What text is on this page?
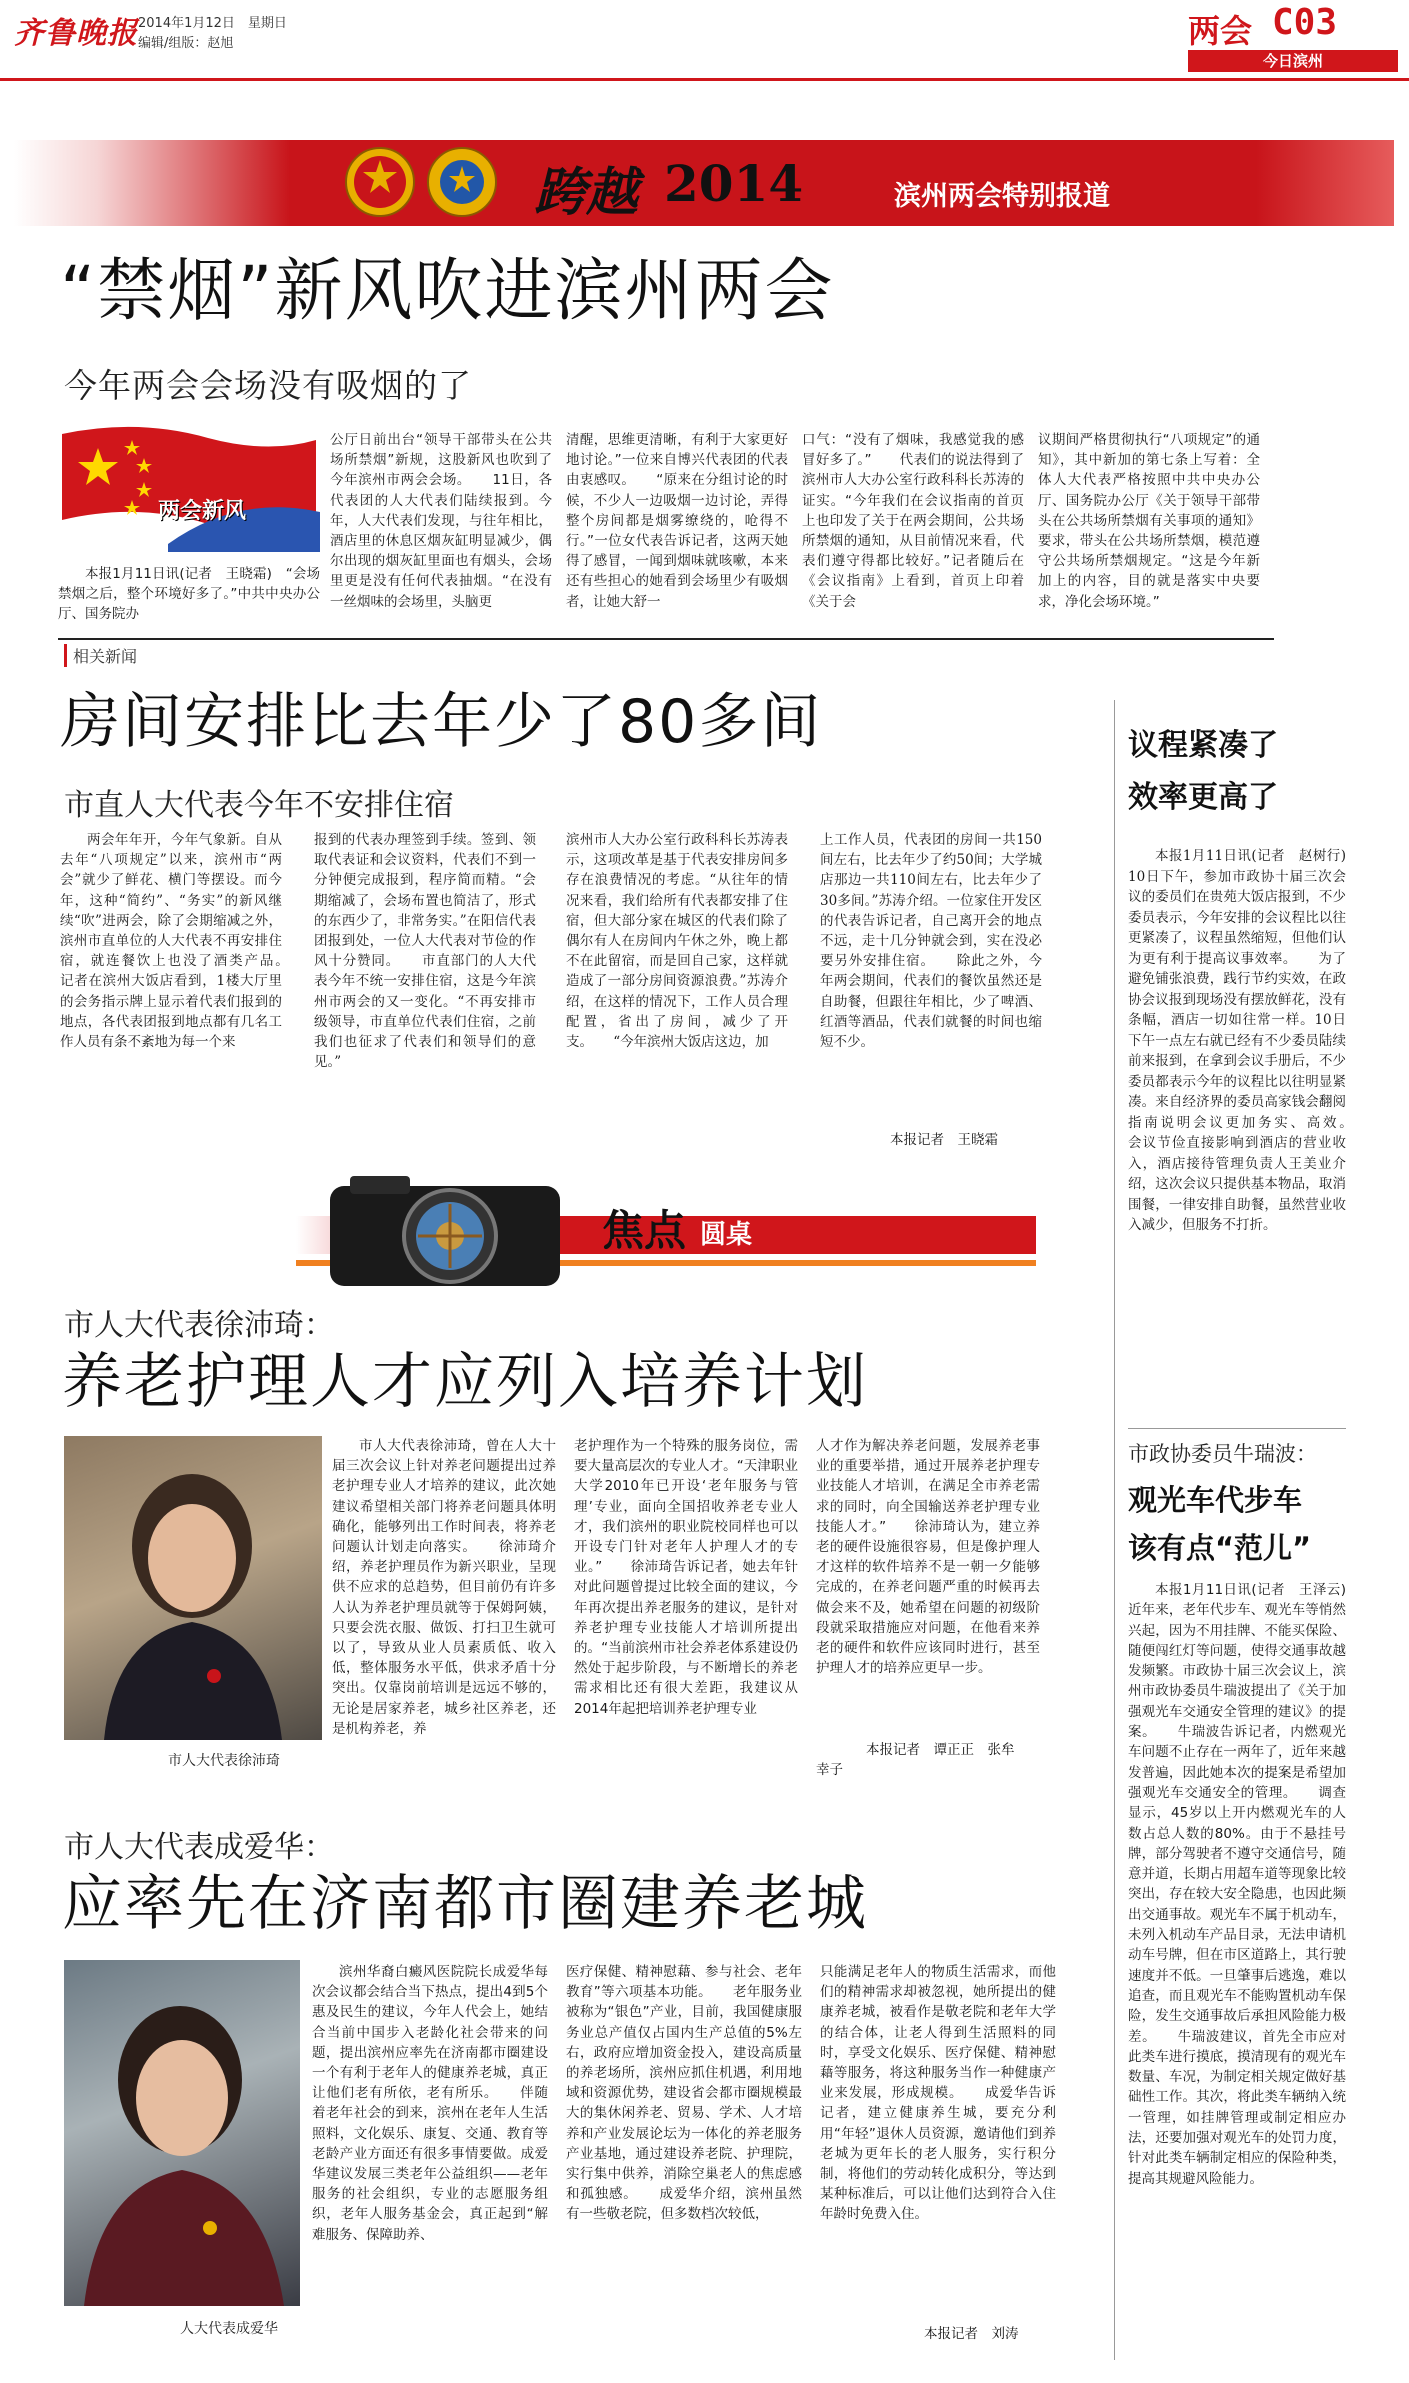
齐鲁晚报 2014年1月12日　星期日
编辑/组版：赵旭	两会 C03
今日滨州
跨越 2014	滨州两会特别报道
“禁烟”新风吹进滨州两会
今年两会会场没有吸烟的了
两会新风

本报1月11日讯(记者　王晓霜)　“会场禁烟之后，整个环境好多了。”中共中央办公厅、国务院办

公厅日前出台“领导干部带头在公共场所禁烟”新规，这股新风也吹到了今年滨州市两会会场。　　11日，各代表团的人大代表们陆续报到。今年，人大代表们发现，与往年相比，酒店里的休息区烟灰缸明显减少，偶尔出现的烟灰缸里面也有烟头，会场里更是没有任何代表抽烟。“在没有一丝烟味的会场里，头脑更

清醒，思维更清晰，有利于大家更好地讨论。”一位来自博兴代表团的代表由衷感叹。　　“原来在分组讨论的时候，不少人一边吸烟一边讨论，弄得整个房间都是烟雾缭绕的，呛得不行。”一位女代表告诉记者，这两天她得了感冒，一闻到烟味就咳嗽，本来还有些担心的她看到会场里少有吸烟者，让她大舒一

口气：“没有了烟味，我感觉我的感冒好多了。”　　代表们的说法得到了滨州市人大办公室行政科科长苏涛的证实。“今年我们在会议指南的首页上也印发了关于在两会期间，公共场所禁烟的通知，从目前情况来看，代表们遵守得都比较好。”记者随后在《会议指南》上看到，首页上印着《关于会

议期间严格贯彻执行“八项规定”的通知》，其中新加的第七条上写着：全体人大代表严格按照中共中央办公厅、国务院办公厅《关于领导干部带头在公共场所禁烟有关事项的通知》要求，带头在公共场所禁烟，模范遵守公共场所禁烟规定。“这是今年新加上的内容，目的就是落实中央要求，净化会场环境。”

相关新闻
房间安排比去年少了80多间
市直人大代表今年不安排住宿

两会年年开，今年气象新。自从去年“八项规定”以来，滨州市“两会”就少了鲜花、横门等摆设。而今年，这种“简约”、“务实”的新风继续“吹”进两会，除了会期缩减之外，滨州市直单位的人大代表不再安排住宿，就连餐饮上也没了酒类产品。　　记者在滨州大饭店看到，1楼大厅里的会务指示牌上显示着代表们报到的地点，各代表团报到地点都有几名工作人员有条不紊地为每一个来

报到的代表办理签到手续。签到、领取代表证和会议资料，代表们不到一分钟便完成报到，程序简而精。“会期缩减了，会场布置也简洁了，形式的东西少了，非常务实。”在阳信代表团报到处，一位人大代表对节俭的作风十分赞同。　　市直部门的人大代表今年不统一安排住宿，这是今年滨州市两会的又一变化。“不再安排市级领导，市直单位代表们住宿，之前我们也征求了代表们和领导们的意见。”

滨州市人大办公室行政科科长苏涛表示，这项改革是基于代表安排房间多存在浪费情况的考虑。“从往年的情况来看，我们给所有代表都安排了住宿，但大部分家在城区的代表们除了偶尔有人在房间内午休之外，晚上都不在此留宿，而是回自己家，这样就造成了一部分房间资源浪费。”苏涛介绍，在这样的情况下，工作人员合理配置，省出了房间，减少了开支。　　“今年滨州大饭店这边，加

上工作人员，代表团的房间一共150间左右，比去年少了约50间；大学城店那边一共110间左右，比去年少了30多间。”苏涛介绍。一位家住开发区的代表告诉记者，自己离开会的地点不远，走十几分钟就会到，实在没必要另外安排住宿。　　除此之外，今年两会期间，代表们的餐饮虽然还是自助餐，但跟往年相比，少了啤酒、红酒等酒品，代表们就餐的时间也缩短不少。

本报记者　王晓霜
议程紧凑了
效率更高了

本报1月11日讯(记者　赵树行)　10日下午，参加市政协十届三次会议的委员们在贵苑大饭店报到，不少委员表示，今年安排的会议程比以往更紧凑了，议程虽然缩短，但他们认为更有利于提高议事效率。　　为了避免铺张浪费，践行节约实效，在政协会议报到现场没有摆放鲜花，没有条幅，酒店一切如往常一样。10日下午一点左右就已经有不少委员陆续前来报到，在拿到会议手册后，不少委员都表示今年的议程比以往明显紧凑。来自经济界的委员高家钱会翻阅指南说明会议更加务实、高效。　　会议节俭直接影响到酒店的营业收入，酒店接待管理负责人王美业介绍，这次会议只提供基本物品，取消围餐，一律安排自助餐，虽然营业收入减少，但服务不打折。

焦点 圆桌
市人大代表徐沛琦：
养老护理人才应列入培养计划
市人大代表徐沛琦

市人大代表徐沛琦，曾在人大十届三次会议上针对养老问题提出过养老护理专业人才培养的建议，此次她建议希望相关部门将养老问题具体明确化，能够列出工作时间表，将养老问题认计划走向落实。　　徐沛琦介绍，养老护理员作为新兴职业，呈现供不应求的总趋势，但目前仍有许多人认为养老护理员就等于保姆阿姨，只要会洗衣服、做饭、打扫卫生就可以了，导致从业人员素质低、收入低，整体服务水平低，供求矛盾十分突出。仅靠岗前培训是远远不够的，无论是居家养老，城乡社区养老，还是机构养老，养

老护理作为一个特殊的服务岗位，需要大量高层次的专业人才。“天津职业大学2010年已开设‘老年服务与管理’专业，面向全国招收养老专业人才，我们滨州的职业院校同样也可以开设专门针对老年人护理人才的专业。”　　徐沛琦告诉记者，她去年针对此问题曾提过比较全面的建议，今年再次提出养老服务的建议，是针对养老护理专业技能人才培训所提出的。“当前滨州市社会养老体系建设仍然处于起步阶段，与不断增长的养老需求相比还有很大差距，我建议从2014年起把培训养老护理专业

人才作为解决养老问题，发展养老事业的重要举措，通过开展养老护理专业技能人才培训，在满足全市养老需求的同时，向全国输送养老护理专业技能人才。”　　徐沛琦认为，建立养老的硬件设施很容易，但是像护理人才这样的软件培养不是一朝一夕能够完成的，在养老问题严重的时候再去做会来不及，她希望在问题的初级阶段就采取措施应对问题，在他看来养老的硬件和软件应该同时进行，甚至护理人才的培养应更早一步。

本报记者　谭正正　张牟
幸子
市政协委员牛瑞波：
观光车代步车
该有点“范儿”

本报1月11日讯(记者　王泽云)　近年来，老年代步车、观光车等悄然兴起，因为不用挂牌、不能买保险、随便闯红灯等问题，使得交通事故越发频繁。市政协十届三次会议上，滨州市政协委员牛瑞波提出了《关于加强观光车交通安全管理的建议》的提案。　　牛瑞波告诉记者，内燃观光车问题不止存在一两年了，近年来越发普遍，因此她本次的提案是希望加强观光车交通安全的管理。　　调查显示，45岁以上开内燃观光车的人数占总人数的80%。由于不悬挂号牌，部分驾驶者不遵守交通信号，随意并道，长期占用超车道等现象比较突出，存在较大安全隐患，也因此频出交通事故。观光车不属于机动车，未列入机动车产品目录，无法申请机动车号牌，但在市区道路上，其行驶速度并不低。一旦肇事后逃逸，难以追查，而且观光车不能购置机动车保险，发生交通事故后承担风险能力极差。　　牛瑞波建议，首先全市应对此类车进行摸底，摸清现有的观光车数量、车况，为制定相关规定做好基础性工作。其次，将此类车辆纳入统一管理，如挂牌管理或制定相应办法，还要加强对观光车的处罚力度，针对此类车辆制定相应的保险种类，提高其规避风险能力。

市人大代表成爱华：
应率先在济南都市圈建养老城
人大代表成爱华

滨州华裔白癜风医院院长成爱华每次会议都会结合当下热点，提出4到5个惠及民生的建议，今年人代会上，她结合当前中国步入老龄化社会带来的问题，提出滨州应率先在济南都市圈建设一个有利于老年人的健康养老城，真正让他们老有所依，老有所乐。　　伴随着老年社会的到来，滨州在老年人生活照料，文化娱乐、康复、交通、教育等老龄产业方面还有很多事情要做。成爱华建议发展三类老年公益组织——老年服务的社会组织，专业的志愿服务组织，老年人服务基金会，真正起到“解难服务、保障助养、

医疗保健、精神慰藉、参与社会、老年教育”等六项基本功能。　　老年服务业被称为“银色”产业，目前，我国健康服务业总产值仅占国内生产总值的5%左右，政府应增加资金投入，建设高质量的养老场所，滨州应抓住机遇，利用地域和资源优势，建设省会都市圈规模最大的集休闲养老、贸易、学术、人才培养和产业发展论坛为一体化的养老服务产业基地，通过建设养老院、护理院，实行集中供养，消除空巢老人的焦虑感和孤独感。　　成爱华介绍，滨州虽然有一些敬老院，但多数档次较低，

只能满足老年人的物质生活需求，而他们的精神需求却被忽视，她所提出的健康养老城，被看作是敬老院和老年大学的结合体，让老人得到生活照料的同时，享受文化娱乐、医疗保健、精神慰藉等服务，将这种服务当作一种健康产业来发展，形成规模。　　成爱华告诉记者，建立健康养生城，要充分利用“年轻”退休人员资源，邀请他们到养老城为更年长的老人服务，实行积分制，将他们的劳动转化成积分，等达到某种标准后，可以让他们达到符合入住年龄时免费入住。

本报记者　刘涛
